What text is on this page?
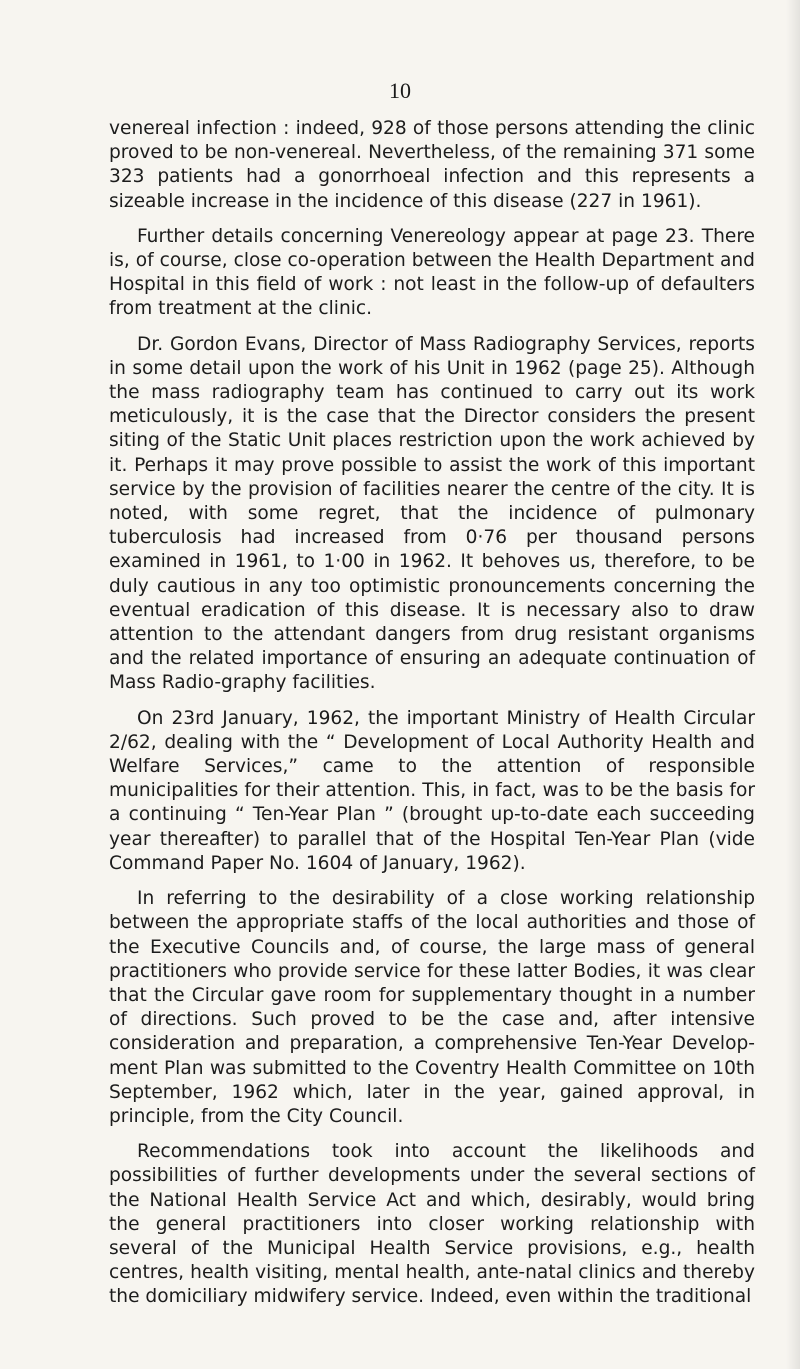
10

venereal infection : indeed, 928 of those persons attending the clinic proved to be non-venereal. Nevertheless, of the remaining 371 some 323 patients had a gonorrhoeal infection and this represents a sizeable increase in the incidence of this disease (227 in 1961).

Further details concerning Venereology appear at page 23. There is, of course, close co-operation between the Health Department and Hospital in this field of work : not least in the follow-up of defaulters from treatment at the clinic.

Dr. Gordon Evans, Director of Mass Radiography Services, reports in some detail upon the work of his Unit in 1962 (page 25). Although the mass radiography team has continued to carry out its work meticulously, it is the case that the Director considers the present siting of the Static Unit places restriction upon the work achieved by it. Perhaps it may prove possible to assist the work of this important service by the provision of facilities nearer the centre of the city. It is noted, with some regret, that the incidence of pulmonary tuberculosis had increased from 0·76 per thousand persons examined in 1961, to 1·00 in 1962. It behoves us, therefore, to be duly cautious in any too optimistic pronouncements concerning the eventual eradication of this disease. It is necessary also to draw attention to the attendant dangers from drug resistant organisms and the related importance of ensuring an adequate continuation of Mass Radio-graphy facilities.

On 23rd January, 1962, the important Ministry of Health Circular 2/62, dealing with the “ Development of Local Authority Health and Welfare Services,” came to the attention of responsible municipalities for their attention. This, in fact, was to be the basis for a continuing “ Ten-Year Plan ” (brought up-to-date each succeeding year thereafter) to parallel that of the Hospital Ten-Year Plan (vide Command Paper No. 1604 of January, 1962).

In referring to the desirability of a close working relationship between the appropriate staffs of the local authorities and those of the Executive Councils and, of course, the large mass of general practitioners who provide service for these latter Bodies, it was clear that the Circular gave room for supplementary thought in a number of directions. Such proved to be the case and, after intensive consideration and preparation, a comprehensive Ten-Year Develop-ment Plan was submitted to the Coventry Health Committee on 10th September, 1962 which, later in the year, gained approval, in principle, from the City Council.

Recommendations took into account the likelihoods and possibilities of further developments under the several sections of the National Health Service Act and which, desirably, would bring the general practitioners into closer working relationship with several of the Municipal Health Service provisions, e.g., health centres, health visiting, mental health, ante-natal clinics and thereby the domiciliary midwifery service. Indeed, even within the traditional
